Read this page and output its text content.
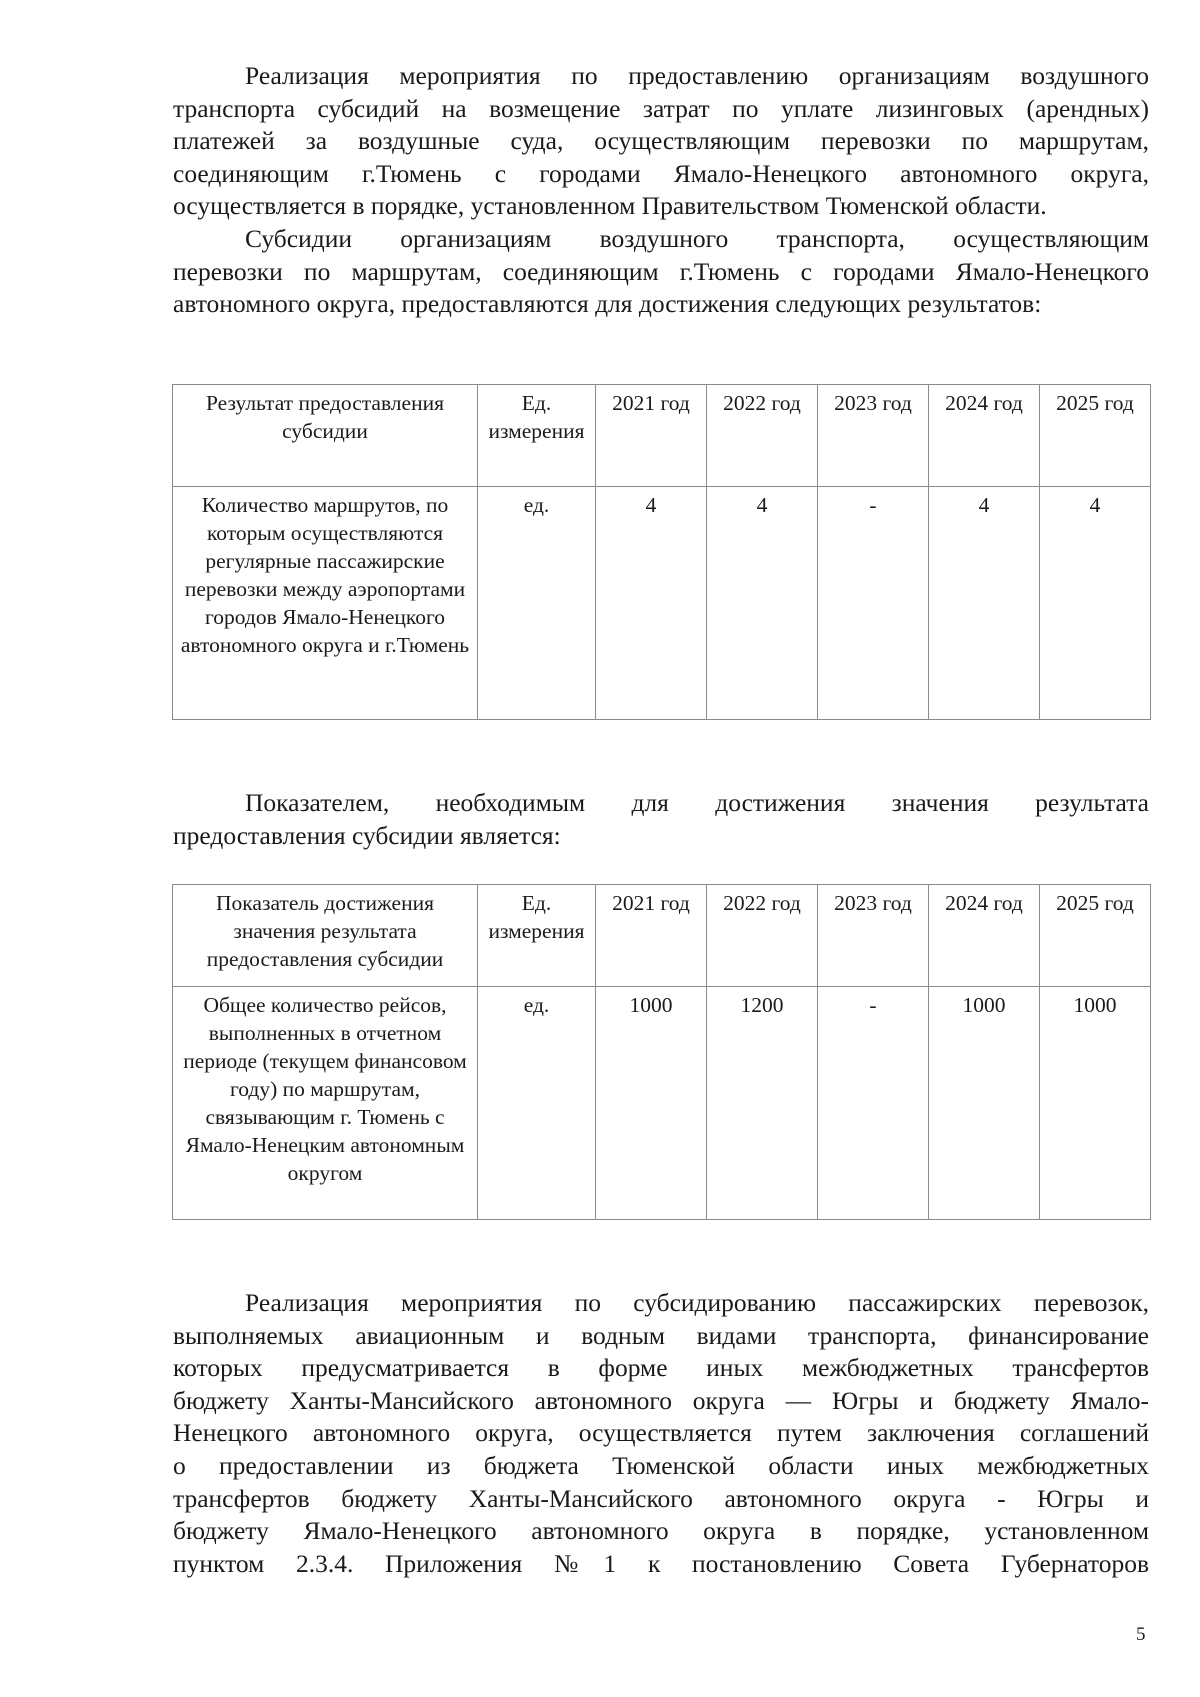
Реализация мероприятия по предоставлению организациям воздушного
транспорта субсидий на возмещение затрат по уплате лизинговых (арендных)
платежей за воздушные суда, осуществляющим перевозки по маршрутам,
соединяющим г.Тюмень с городами Ямало-Ненецкого автономного округа,
осуществляется в порядке, установленном Правительством Тюменской области.
Субсидии организациям воздушного транспорта, осуществляющим
перевозки по маршрутам, соединяющим г.Тюмень с городами Ямало-Ненецкого
автономного округа, предоставляются для достижения следующих результатов:
Результат предоставления субсидии	Ед. измерения	2021 год	2022 год	2023 год	2024 год	2025 год
Количество маршрутов, по которым осуществляются регулярные пассажирские перевозки между аэропортами городов Ямало-Ненецкого автономного округа и г.Тюмень	ед.	4	4	-	4	4
Показателем, необходимым для достижения значения результата
предоставления субсидии является:
Показатель достижения значения результата предоставления субсидии	Ед. измерения	2021 год	2022 год	2023 год	2024 год	2025 год
Общее количество рейсов, выполненных в отчетном периоде (текущем финансовом году) по маршрутам, связывающим г. Тюмень с Ямало-Ненецким автономным округом	ед.	1000	1200	-	1000	1000
Реализация мероприятия по субсидированию пассажирских перевозок,
выполняемых авиационным и водным видами транспорта, финансирование
которых предусматривается в форме иных межбюджетных трансфертов
бюджету Ханты-Мансийского автономного округа — Югры и бюджету Ямало-
Ненецкого автономного округа, осуществляется путем заключения соглашений
о предоставлении из бюджета Тюменской области иных межбюджетных
трансфертов бюджету Ханты-Мансийского автономного округа - Югры и
бюджету Ямало-Ненецкого автономного округа в порядке, установленном
пунктом 2.3.4. Приложения №1 к постановлению Совета Губернаторов
5
